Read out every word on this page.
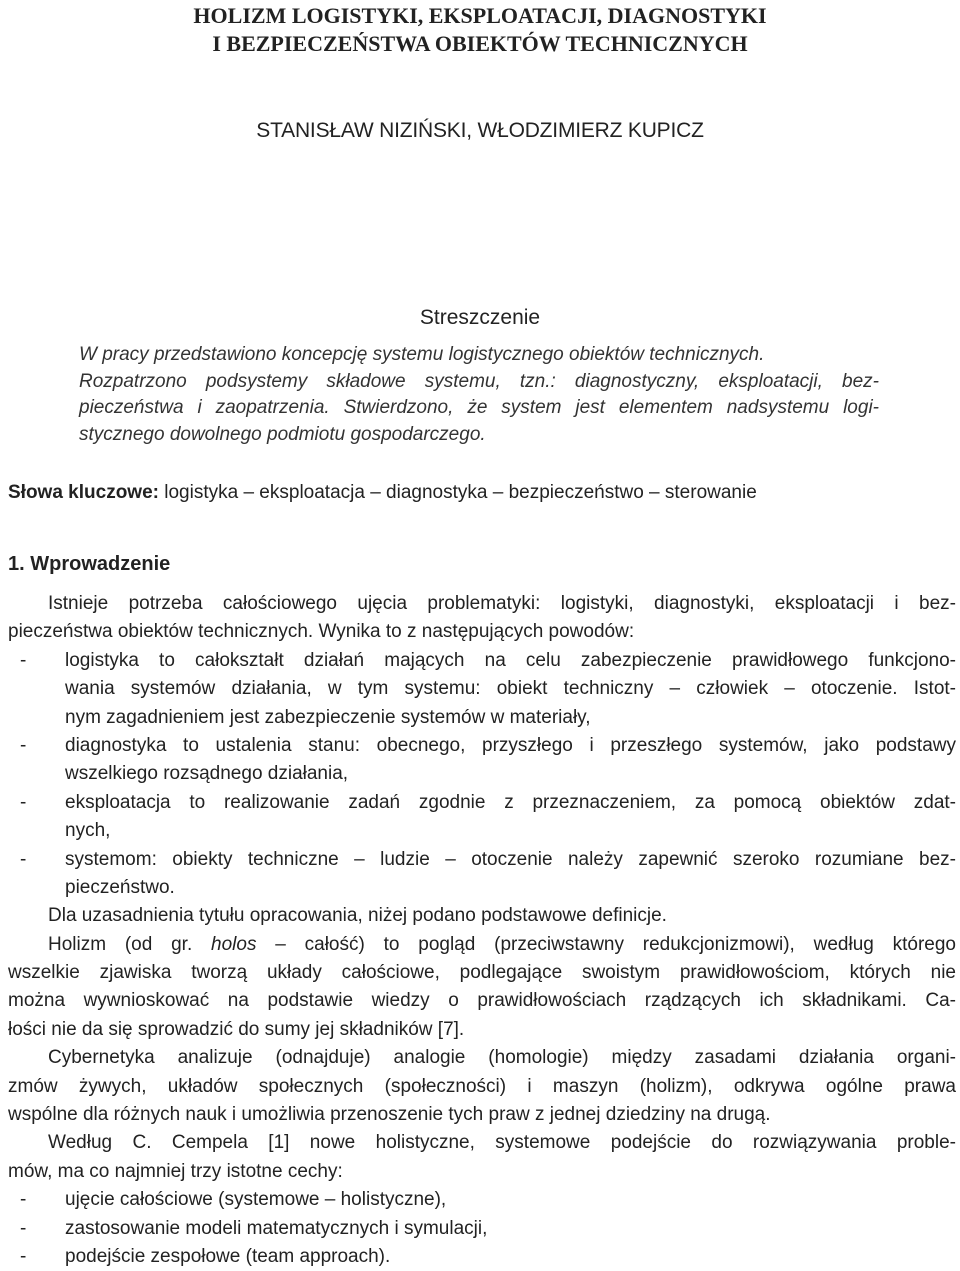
HOLIZM LOGISTYKI, EKSPLOATACJI, DIAGNOSTYKI
I BEZPIECZEŃSTWA OBIEKTÓW TECHNICZNYCH
STANISŁAW NIZIŃSKI, WŁODZIMIERZ KUPICZ
Streszczenie
W pracy przedstawiono koncepcję systemu logistycznego obiektów technicznych.
Rozpatrzono podsystemy składowe systemu, tzn.: diagnostyczny, eksploatacji, bez-
pieczeństwa i zaopatrzenia. Stwierdzono, że system jest elementem nadsystemu logi-
stycznego dowolnego podmiotu gospodarczego.
Słowa kluczowe: logistyka – eksploatacja – diagnostyka – bezpieczeństwo – sterowanie
1. Wprowadzenie
Istnieje potrzeba całościowego ujęcia problematyki: logistyki, diagnostyki, eksploatacji i bez-
pieczeństwa obiektów technicznych. Wynika to z następujących powodów:
- logistyka to całokształt działań mających na celu zabezpieczenie prawidłowego funkcjono-
wania systemów działania, w tym systemu: obiekt techniczny – człowiek – otoczenie. Istot-
nym zagadnieniem jest zabezpieczenie systemów w materiały,
- diagnostyka to ustalenia stanu: obecnego, przyszłego i przeszłego systemów, jako podstawy
wszelkiego rozsądnego działania,
- eksploatacja to realizowanie zadań zgodnie z przeznaczeniem, za pomocą obiektów zdat-
nych,
- systemom: obiekty techniczne – ludzie – otoczenie należy zapewnić szeroko rozumiane bez-
pieczeństwo.
Dla uzasadnienia tytułu opracowania, niżej podano podstawowe definicje.
Holizm (od gr. holos – całość) to pogląd (przeciwstawny redukcjonizmowi), według którego
wszelkie zjawiska tworzą układy całościowe, podlegające swoistym prawidłowościom, których nie
można wywnioskować na podstawie wiedzy o prawidłowościach rządzących ich składnikami. Ca-
łości nie da się sprowadzić do sumy jej składników [7].
Cybernetyka analizuje (odnajduje) analogie (homologie) między zasadami działania organi-
zmów żywych, układów społecznych (społeczności) i maszyn (holizm), odkrywa ogólne prawa
wspólne dla różnych nauk i umożliwia przenoszenie tych praw z jednej dziedziny na drugą.
Według C. Cempela [1] nowe holistyczne, systemowe podejście do rozwiązywania proble-
mów, ma co najmniej trzy istotne cechy:
- ujęcie całościowe (systemowe – holistyczne),
- zastosowanie modeli matematycznych i symulacji,
- podejście zespołowe (team approach).
